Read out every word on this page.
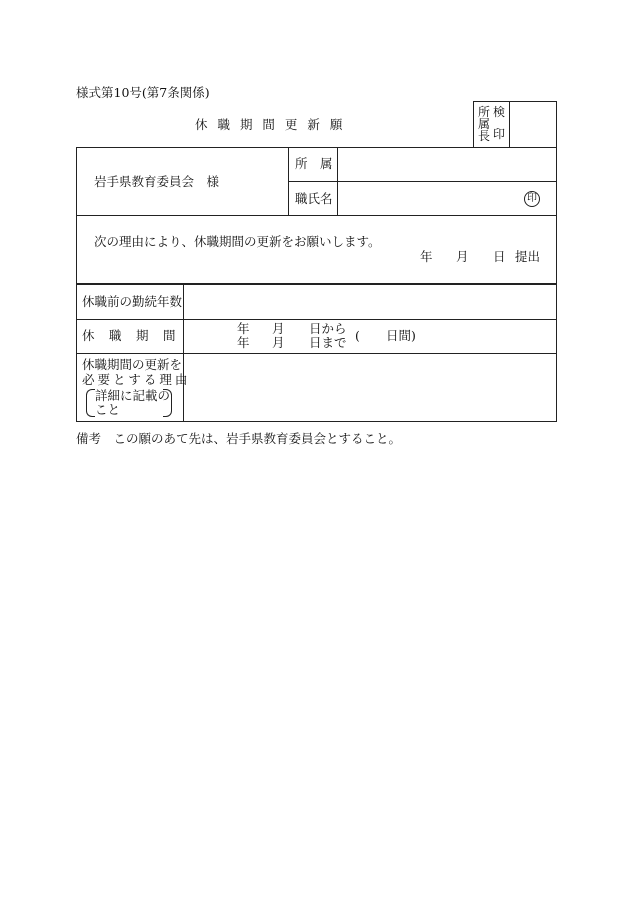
様式第10号(第7条関係)
休 職 期 間 更 新 願
所
属
長
検
印
岩手県教育委員会　様
所　属
職氏名	印
次の理由により、休職期間の更新をお願いします。
年 月 日 提出
休職前の勤続年数
休　職　期　間	年 月 日から
年 月 日まで ( 日間)
休職期間の更新を
必 要 と す る 理 由
詳細に記載の
こと
備考　この願のあて先は、岩手県教育委員会とすること。
